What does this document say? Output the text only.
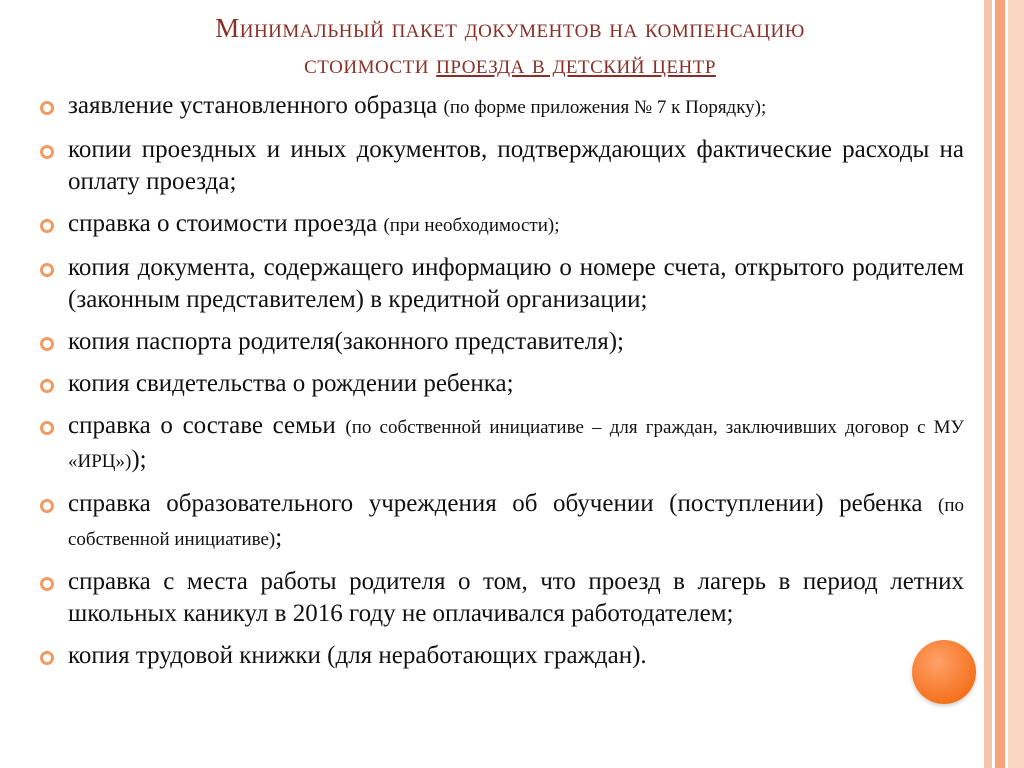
Минимальный пакет документов на компенсацию
стоимости проезда в детский центр
заявление установленного образца (по форме приложения № 7 к Порядку);
копии проездных и иных документов, подтверждающих фактические расходы на оплату проезда;
справка о стоимости проезда (при необходимости);
копия документа, содержащего информацию о номере счета, открытого родителем (законным представителем) в кредитной организации;
копия паспорта родителя(законного представителя);
копия свидетельства о рождении ребенка;
справка о составе семьи (по собственной инициативе – для граждан, заключивших договор с МУ «ИРЦ»));
справка образовательного учреждения об обучении (поступлении) ребенка (по собственной инициативе);
справка с места работы родителя о том, что проезд в лагерь в период летних школьных каникул в 2016 году не оплачивался работодателем;
копия трудовой книжки (для неработающих граждан).
